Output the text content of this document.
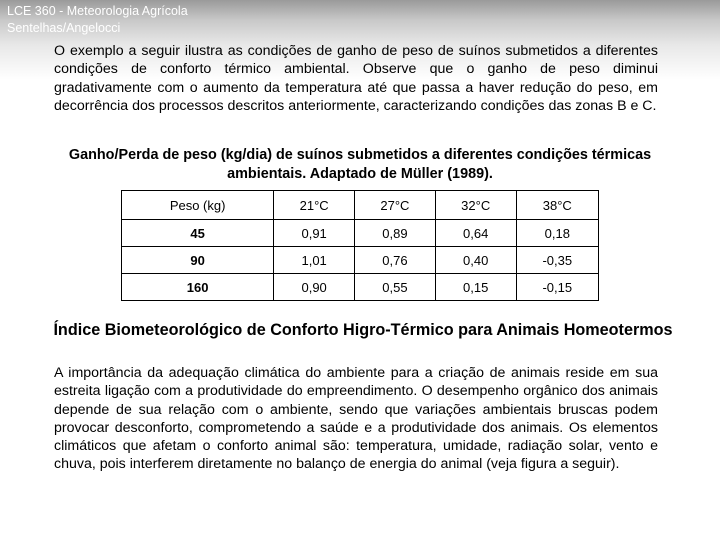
LCE 360 - Meteorologia Agrícola
Sentelhas/Angelocci

O exemplo a seguir ilustra as condições de ganho de peso de suínos submetidos a diferentes condições de conforto térmico ambiental. Observe que o ganho de peso diminui gradativamente com o aumento da temperatura até que passa a haver redução do peso, em decorrência dos processos descritos anteriormente, caracterizando condições das zonas B e C.

Ganho/Perda de peso (kg/dia) de suínos submetidos a diferentes condições térmicas ambientais. Adaptado de Müller (1989).
Peso (kg)	21°C	27°C	32°C	38°C
45	0,91	0,89	0,64	0,18
90	1,01	0,76	0,40	-0,35
160	0,90	0,55	0,15	-0,15
Índice Biometeorológico de Conforto Higro-Térmico para Animais Homeotermos

A importância da adequação climática do ambiente para a criação de animais reside em sua estreita ligação com a produtividade do empreendimento. O desempenho orgânico dos animais depende de sua relação com o ambiente, sendo que variações ambientais bruscas podem provocar desconforto, comprometendo a saúde e a produtividade dos animais. Os elementos climáticos que afetam o conforto animal são: temperatura, umidade, radiação solar, vento e chuva, pois interferem diretamente no balanço de energia do animal (veja figura a seguir).
